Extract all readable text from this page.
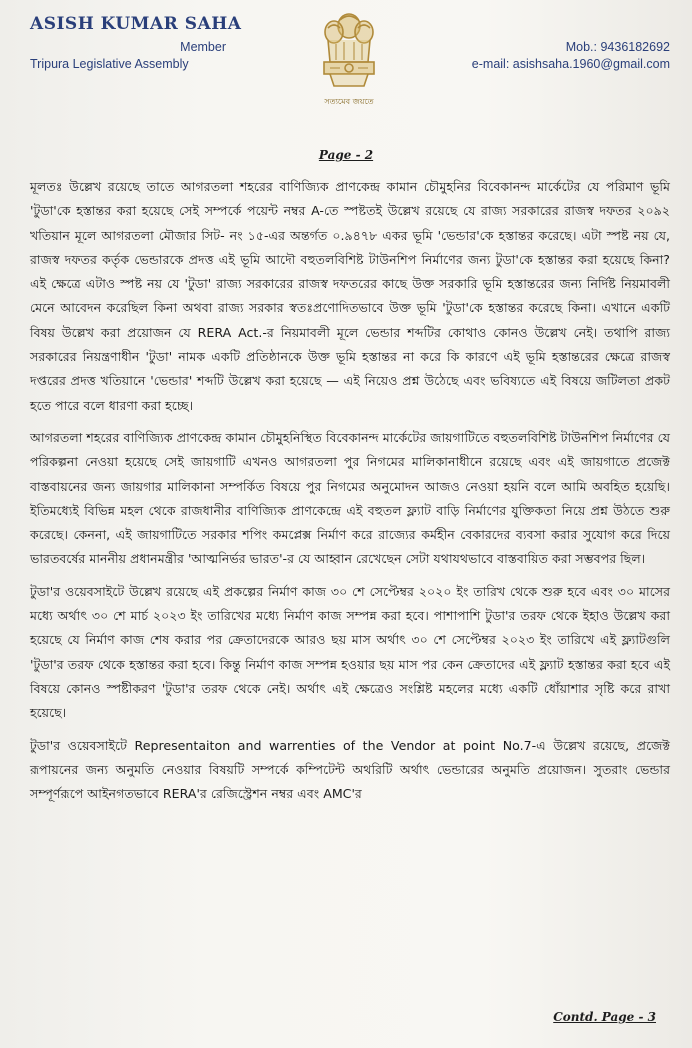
ASISH KUMAR SAHA
Member
Tripura Legislative Assembly
সত্যমেব জয়তে
Mob.: 9436182692
e-mail: asishsaha.1960@gmail.com
Page - 2

মূলতঃ উল্লেখ রয়েছে তাতে আগরতলা শহরের বাণিজ্যিক প্রাণকেন্দ্র কামান চৌমুহনির বিবেকানন্দ মার্কেটের যে পরিমাণ ভূমি 'টুডা'কে হস্তান্তর করা হয়েছে সেই সম্পর্কে পয়েন্ট নম্বর A-তে স্পষ্টতই উল্লেখ রয়েছে যে রাজ্য সরকারের রাজস্ব দফতর ২০৯২ খতিয়ান মূলে আগরতলা মৌজার সিট- নং ১৫-এর অন্তর্গত ০.৯৪৭৮ একর ভূমি 'ভেন্ডার'কে হস্তান্তর করেছে। এটা স্পষ্ট নয় যে, রাজস্ব দফতর কর্তৃক ভেন্ডারকে প্রদত্ত এই ভূমি আদৌ বহুতলবিশিষ্ট টাউনশিপ নির্মাণের জন্য টুডা'কে হস্তান্তর করা হয়েছে কিনা? এই ক্ষেত্রে এটাও স্পষ্ট নয় যে 'টুডা' রাজ্য সরকারের রাজস্ব দফতরের কাছে উক্ত সরকারি ভূমি হস্তান্তরের জন্য নির্দিষ্ট নিয়মাবলী মেনে আবেদন করেছিল কিনা অথবা রাজ্য সরকার স্বতঃপ্রণোদিতভাবে উক্ত ভূমি 'টুডা'কে হস্তান্তর করেছে কিনা। এখানে একটি বিষয় উল্লেখ করা প্রয়োজন যে RERA Act.-র নিয়মাবলী মূলে ভেন্ডার শব্দটির কোথাও কোনও উল্লেখ নেই। তথাপি রাজ্য সরকারের নিয়ন্ত্রণাধীন 'টুডা' নামক একটি প্রতিষ্ঠানকে উক্ত ভূমি হস্তান্তর না করে কি কারণে এই ভূমি হস্তান্তরের ক্ষেত্রে রাজস্ব দপ্তরের প্রদত্ত খতিয়ানে 'ভেন্ডার' শব্দটি উল্লেখ করা হয়েছে — এই নিয়েও প্রশ্ন উঠেছে এবং ভবিষ্যতে এই বিষয়ে জটিলতা প্রকট হতে পারে বলে ধারণা করা হচ্ছে।

আগরতলা শহরের বাণিজ্যিক প্রাণকেন্দ্র কামান চৌমুহনিস্থিত বিবেকানন্দ মার্কেটের জায়গাটিতে বহুতলবিশিষ্ট টাউনশিপ নির্মাণের যে পরিকল্পনা নেওয়া হয়েছে সেই জায়গাটি এখনও আগরতলা পুর নিগমের মালিকানাধীনে রয়েছে এবং এই জায়গাতে প্রজেক্ট বাস্তবায়নের জন্য জায়গার মালিকানা সম্পর্কিত বিষয়ে পুর নিগমের অনুমোদন আজও নেওয়া হয়নি বলে আমি অবহিত হয়েছি। ইতিমধ্যেই বিভিন্ন মহল থেকে রাজধানীর বাণিজ্যিক প্রাণকেন্দ্রে এই বহুতল ফ্ল্যাট বাড়ি নির্মাণের যুক্তিকতা নিয়ে প্রশ্ন উঠতে শুরু করেছে। কেননা, এই জায়গাটিতে সরকার শপিং কমপ্লেক্স নির্মাণ করে রাজ্যের কর্মহীন বেকারদের ব্যবসা করার সুযোগ করে দিয়ে ভারতবর্ষের মাননীয় প্রধানমন্ত্রীর 'আত্মনির্ভর ভারত'-র যে আহ্বান রেখেছেন সেটা যথাযথভাবে বাস্তবায়িত করা সম্ভবপর ছিল।

টুডা'র ওয়েবসাইটে উল্লেখ রয়েছে এই প্রকল্পের নির্মাণ কাজ ৩০ শে সেপ্টেম্বর ২০২০ ইং তারিখ থেকে শুরু হবে এবং ৩০ মাসের মধ্যে অর্থাৎ ৩০ শে মার্চ ২০২৩ ইং তারিখের মধ্যে নির্মাণ কাজ সম্পন্ন করা হবে। পাশাপাশি টুডা'র তরফ থেকে ইহাও উল্লেখ করা হয়েছে যে নির্মাণ কাজ শেষ করার পর ক্রেতাদেরকে আরও ছয় মাস অর্থাৎ ৩০ শে সেপ্টেম্বর ২০২৩ ইং তারিখে এই ফ্ল্যাটগুলি 'টুডা'র তরফ থেকে হস্তান্তর করা হবে। কিন্তু নির্মাণ কাজ সম্পন্ন হওয়ার ছয় মাস পর কেন ক্রেতাদের এই ফ্ল্যাট হস্তান্তর করা হবে এই বিষয়ে কোনও স্পষ্টীকরণ 'টুডা'র তরফ থেকে নেই। অর্থাৎ এই ক্ষেত্রেও সংশ্লিষ্ট মহলের মধ্যে একটি ধোঁয়াশার সৃষ্টি করে রাখা হয়েছে।

টুডা'র ওয়েবসাইটে Representaiton and warrenties of the Vendor at point No.7-এ উল্লেখ রয়েছে, প্রজেক্ট রূপায়নের জন্য অনুমতি নেওয়ার বিষয়টি সম্পর্কে কম্পিটেন্ট অথরিটি অর্থাৎ ভেন্ডারের অনুমতি প্রয়োজন। সুতরাং ভেন্ডার সম্পূর্ণরূপে আইনগতভাবে RERA'র রেজিস্ট্রেশন নম্বর এবং AMC'র

Contd. Page - 3
